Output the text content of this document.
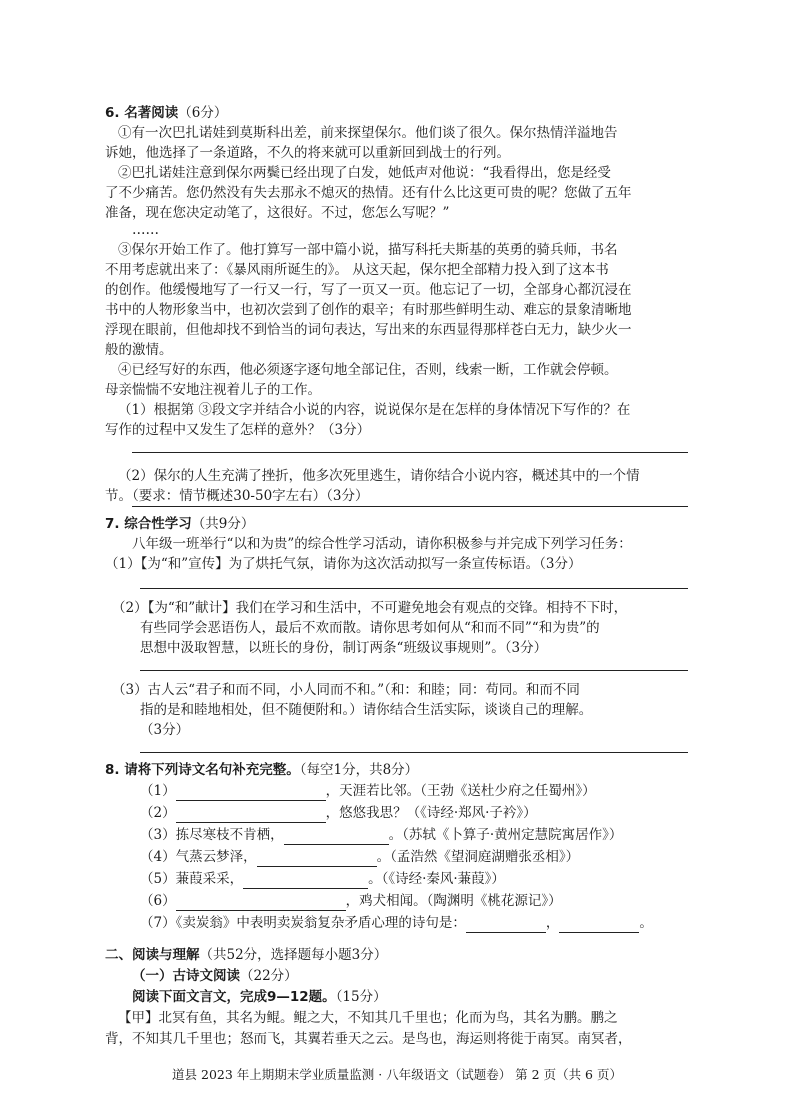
6. 名著阅读（6分）
①有一次巴扎诺娃到莫斯科出差，前来探望保尔。他们谈了很久。保尔热情洋溢地告
诉她，他选择了一条道路，不久的将来就可以重新回到战士的行列。
②巴扎诺娃注意到保尔两鬓已经出现了白发，她低声对他说：“我看得出，您是经受
了不少痛苦。您仍然没有失去那永不熄灭的热情。还有什么比这更可贵的呢？您做了五年
准备，现在您决定动笔了，这很好。不过，您怎么写呢？”
……
③保尔开始工作了。他打算写一部中篇小说，描写科托夫斯基的英勇的骑兵师，书名
不用考虑就出来了：《暴风雨所诞生的》。 从这天起，保尔把全部精力投入到了这本书
的创作。他缓慢地写了一行又一行，写了一页又一页。他忘记了一切，全部身心都沉浸在
书中的人物形象当中，也初次尝到了创作的艰辛；有时那些鲜明生动、难忘的景象清晰地
浮现在眼前，但他却找不到恰当的词句表达，写出来的东西显得那样苍白无力，缺少火一
般的激情。
④已经写好的东西，他必须逐字逐句地全部记住，否则，线索一断，工作就会停顿。
母亲惴惴不安地注视着儿子的工作。
（1）根据第 ③段文字并结合小说的内容，说说保尔是在怎样的身体情况下写作的？在
写作的过程中又发生了怎样的意外？（3分）
（2）保尔的人生充满了挫折，他多次死里逃生，请你结合小说内容，概述其中的一个情
节。（要求：情节概述30-50字左右）（3分）
7. 综合性学习（共9分）
八年级一班举行“以和为贵”的综合性学习活动，请你积极参与并完成下列学习任务：
（1）【为“和”宣传】为了烘托气氛，请你为这次活动拟写一条宣传标语。（3分）
（2）【为“和”献计】我们在学习和生活中，不可避免地会有观点的交锋。相持不下时，
有些同学会恶语伤人，最后不欢而散。请你思考如何从“和而不同”“和为贵”的
思想中汲取智慧，以班长的身份，制订两条“班级议事规则”。（3分）
（3）古人云“君子和而不同，小人同而不和。”（和：和睦；同：苟同。和而不同
指的是和睦地相处，但不随便附和。）请你结合生活实际，谈谈自己的理解。
（3分）
8. 请将下列诗文名句补充完整。（每空1分，共8分）
（1）	，天涯若比邻。（王勃《送杜少府之任蜀州》）
（2）	，悠悠我思？（《诗经·郑风·子衿》）
（3）拣尽寒枝不肯栖，	。（苏轼《卜算子·黄州定慧院寓居作》）
（4）气蒸云梦泽，	。（孟浩然《望洞庭湖赠张丞相》）
（5）蒹葭采采，	。（《诗经·秦风·蒹葭》）
（6）	，鸡犬相闻。（陶渊明《桃花源记》）
（7）《卖炭翁》中表明卖炭翁复杂矛盾心理的诗句是：	，	。
二、阅读与理解（共52分，选择题每小题3分）
（一）古诗文阅读（22分）
阅读下面文言文，完成9—12题。（15分）
【甲】北冥有鱼，其名为鲲。鲲之大，不知其几千里也；化而为鸟，其名为鹏。鹏之
背，不知其几千里也；怒而飞，其翼若垂天之云。是鸟也，海运则将徙于南冥。南冥者，
道县 2023 年上期期末学业质量监测 · 八年级语文（试题卷） 第 2 页（共 6 页）
